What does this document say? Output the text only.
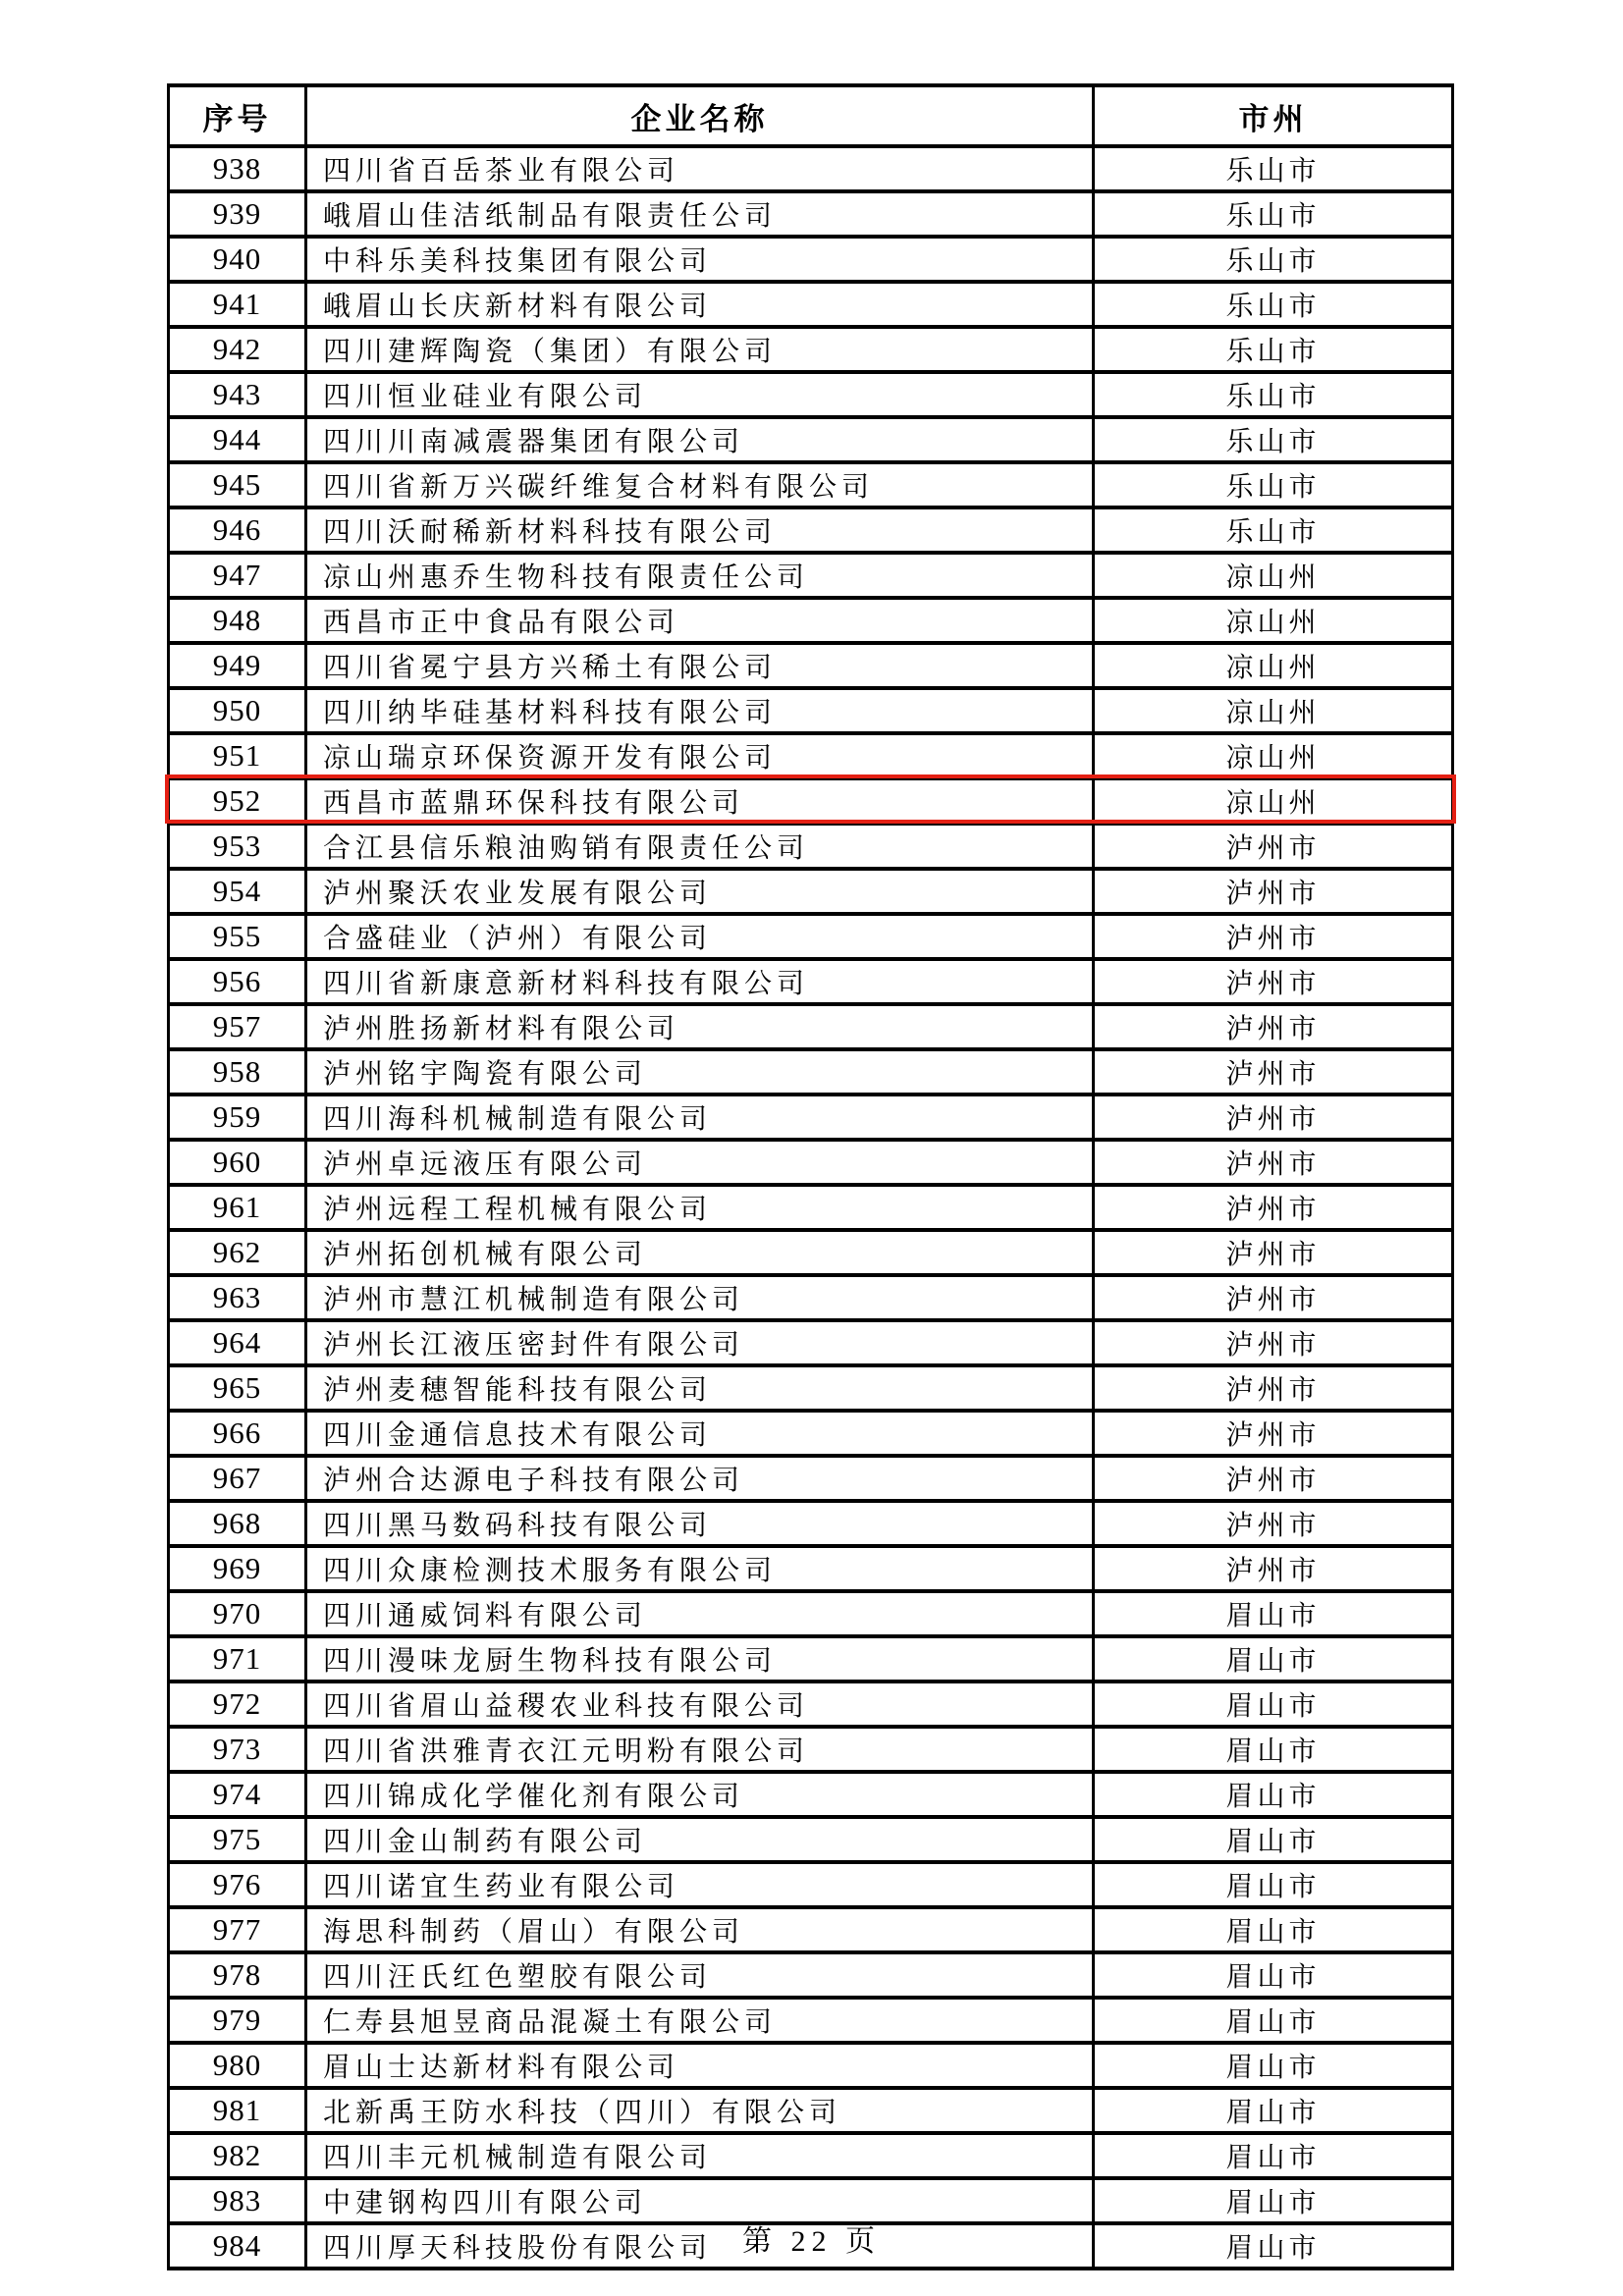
序号	企业名称	市州
938	四川省百岳茶业有限公司	乐山市
939	峨眉山佳洁纸制品有限责任公司	乐山市
940	中科乐美科技集团有限公司	乐山市
941	峨眉山长庆新材料有限公司	乐山市
942	四川建辉陶瓷（集团）有限公司	乐山市
943	四川恒业硅业有限公司	乐山市
944	四川川南减震器集团有限公司	乐山市
945	四川省新万兴碳纤维复合材料有限公司	乐山市
946	四川沃耐稀新材料科技有限公司	乐山市
947	凉山州惠乔生物科技有限责任公司	凉山州
948	西昌市正中食品有限公司	凉山州
949	四川省冕宁县方兴稀土有限公司	凉山州
950	四川纳毕硅基材料科技有限公司	凉山州
951	凉山瑞京环保资源开发有限公司	凉山州
952	西昌市蓝鼎环保科技有限公司	凉山州
953	合江县信乐粮油购销有限责任公司	泸州市
954	泸州聚沃农业发展有限公司	泸州市
955	合盛硅业（泸州）有限公司	泸州市
956	四川省新康意新材料科技有限公司	泸州市
957	泸州胜扬新材料有限公司	泸州市
958	泸州铭宇陶瓷有限公司	泸州市
959	四川海科机械制造有限公司	泸州市
960	泸州卓远液压有限公司	泸州市
961	泸州远程工程机械有限公司	泸州市
962	泸州拓创机械有限公司	泸州市
963	泸州市慧江机械制造有限公司	泸州市
964	泸州长江液压密封件有限公司	泸州市
965	泸州麦穗智能科技有限公司	泸州市
966	四川金通信息技术有限公司	泸州市
967	泸州合达源电子科技有限公司	泸州市
968	四川黑马数码科技有限公司	泸州市
969	四川众康检测技术服务有限公司	泸州市
970	四川通威饲料有限公司	眉山市
971	四川漫味龙厨生物科技有限公司	眉山市
972	四川省眉山益稷农业科技有限公司	眉山市
973	四川省洪雅青衣江元明粉有限公司	眉山市
974	四川锦成化学催化剂有限公司	眉山市
975	四川金山制药有限公司	眉山市
976	四川诺宜生药业有限公司	眉山市
977	海思科制药（眉山）有限公司	眉山市
978	四川汪氏红色塑胶有限公司	眉山市
979	仁寿县旭昱商品混凝土有限公司	眉山市
980	眉山士达新材料有限公司	眉山市
981	北新禹王防水科技（四川）有限公司	眉山市
982	四川丰元机械制造有限公司	眉山市
983	中建钢构四川有限公司	眉山市
984	四川厚天科技股份有限公司	眉山市
第 22 页
